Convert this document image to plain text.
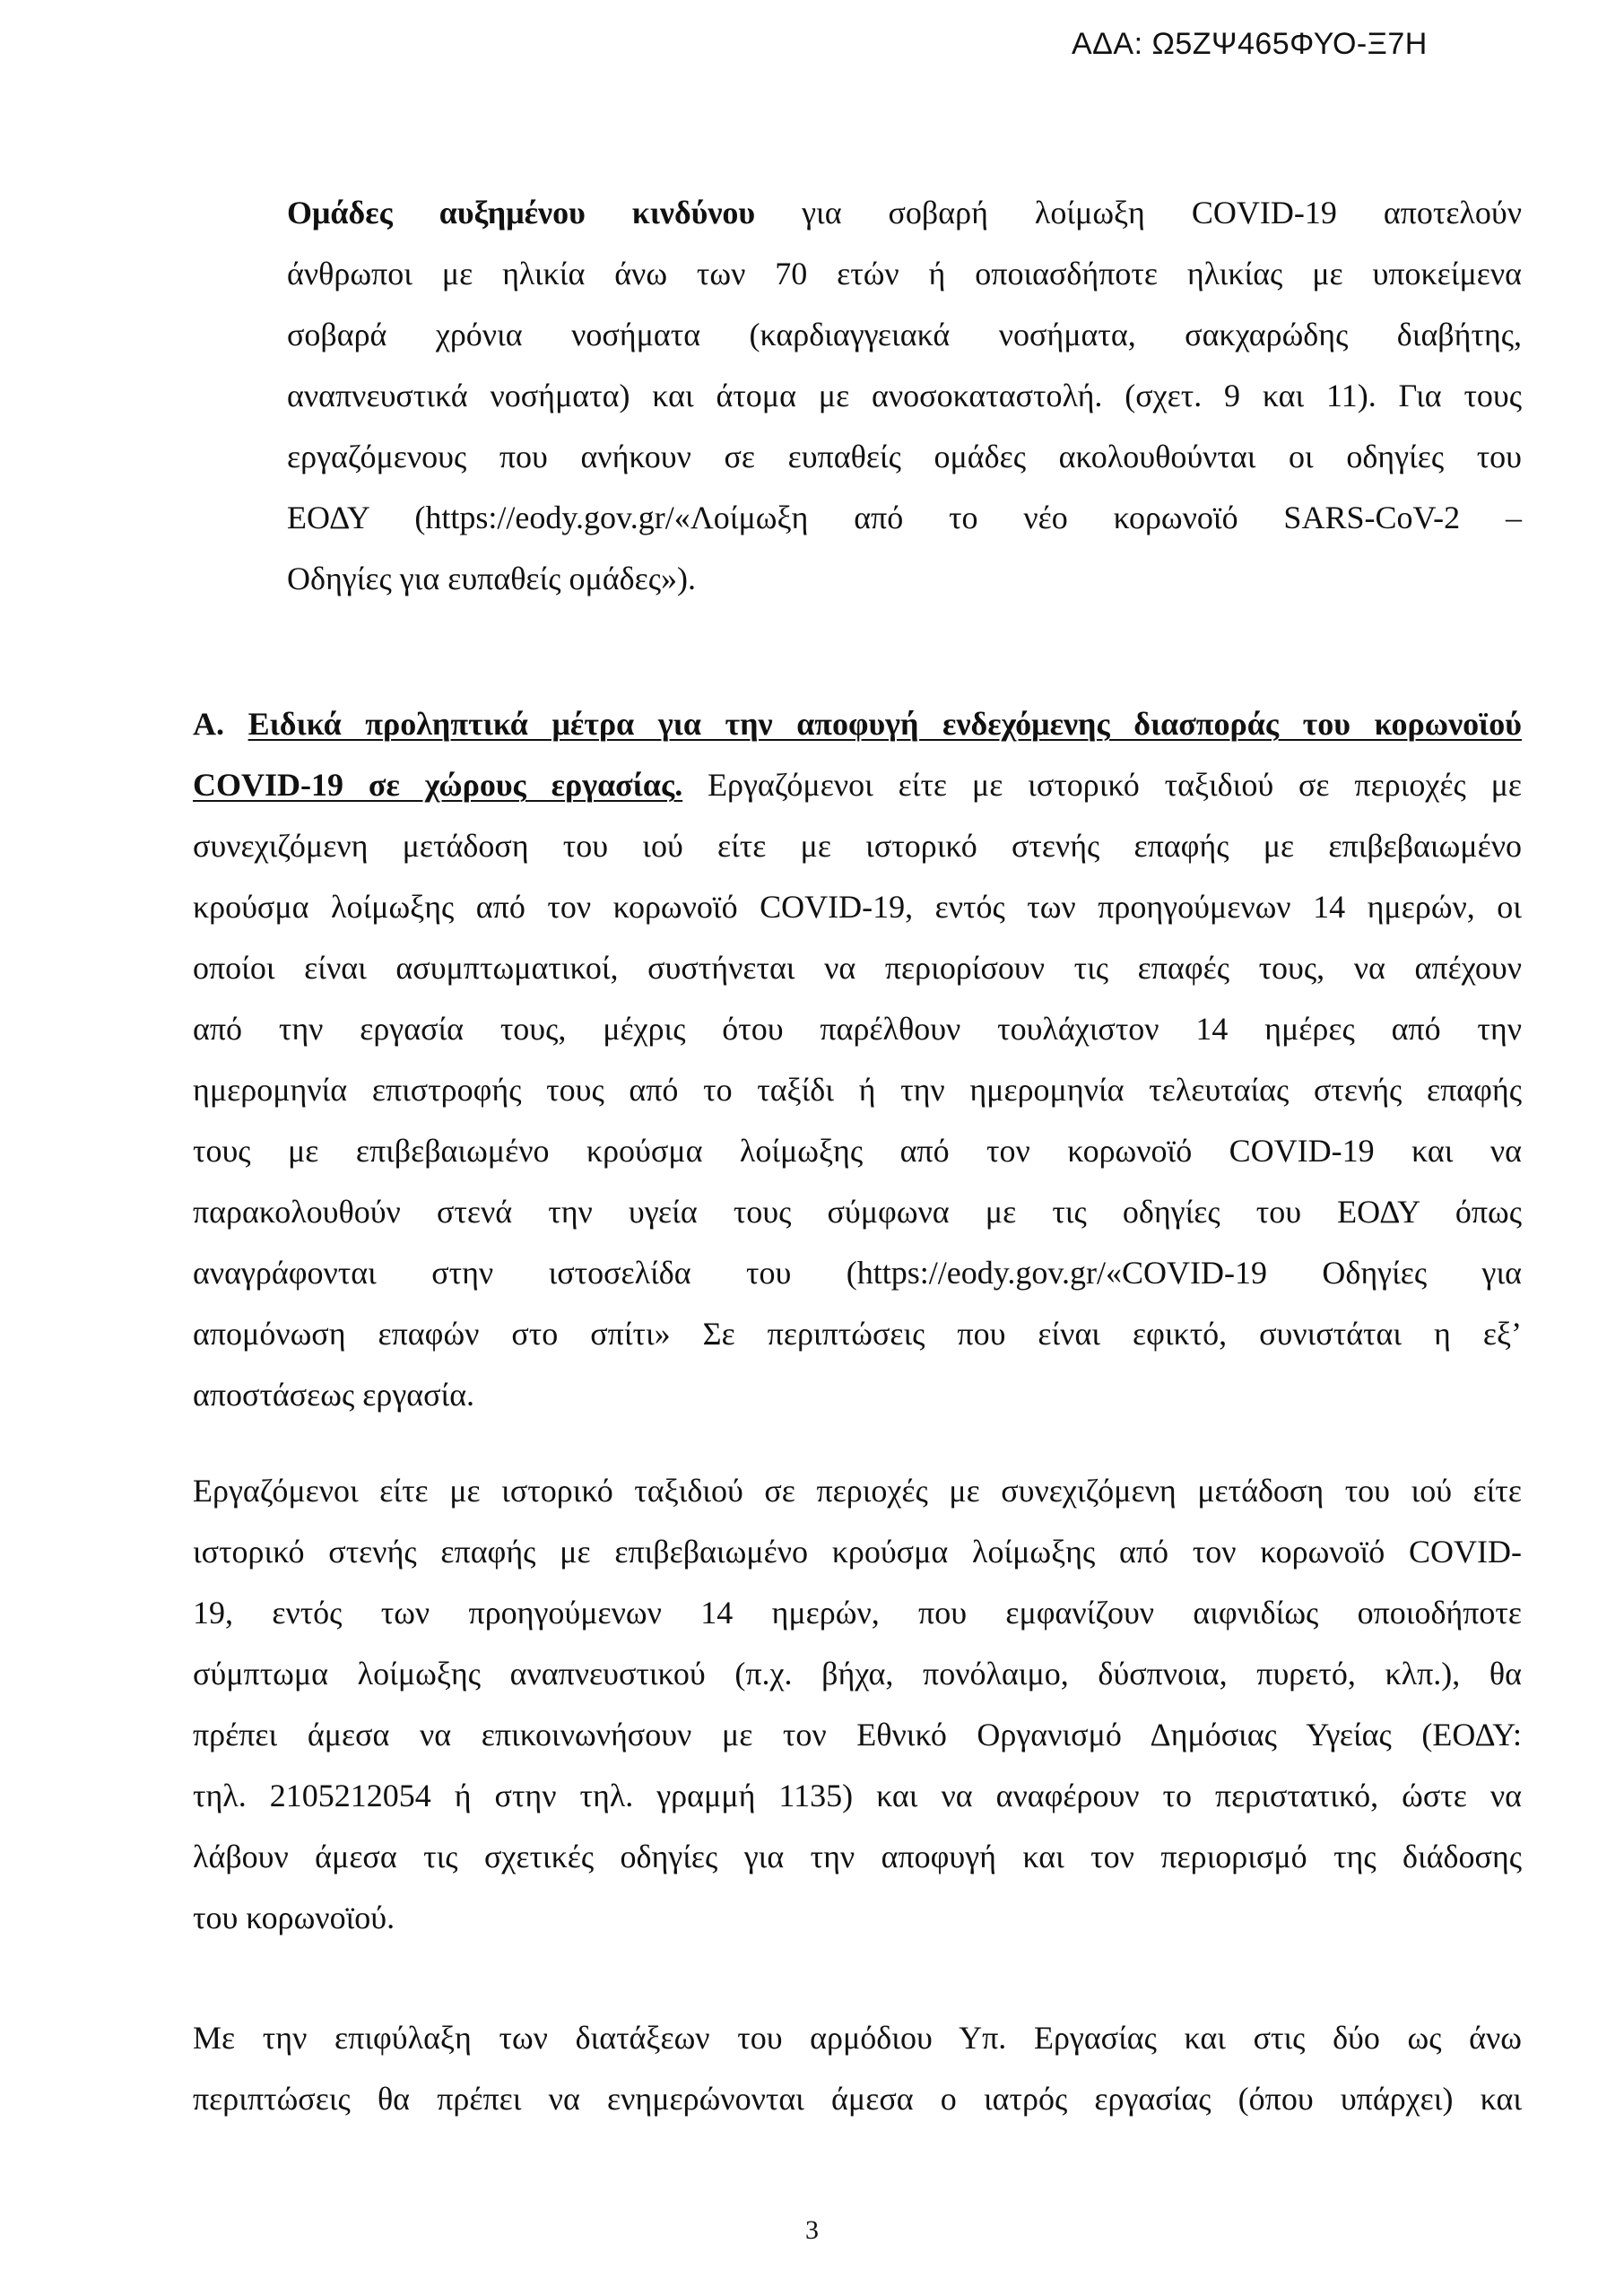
ΑΔΑ: Ω5ΖΨ465ΦΥΟ-Ξ7Η
Ομάδες αυξημένου κινδύνου για σοβαρή λοίμωξη COVID-19 αποτελούν
άνθρωποι με ηλικία άνω των 70 ετών ή οποιασδήποτε ηλικίας με υποκείμενα
σοβαρά χρόνια νοσήματα (καρδιαγγειακά νοσήματα, σακχαρώδης διαβήτης,
αναπνευστικά νοσήματα) και άτομα με ανοσοκαταστολή. (σχετ. 9 και 11). Για τους
εργαζόμενους που ανήκουν σε ευπαθείς ομάδες ακολουθούνται οι οδηγίες του
ΕΟΔΥ (https://eody.gov.gr/«Λοίμωξη από το νέο κορωνοϊό SARS-CoV-2 –
Οδηγίες για ευπαθείς ομάδες»).
Α. Ειδικά προληπτικά μέτρα για την αποφυγή ενδεχόμενης διασποράς του κορωνοϊού
COVID-19 σε χώρους εργασίας. Εργαζόμενοι είτε με ιστορικό ταξιδιού σε περιοχές με
συνεχιζόμενη μετάδοση του ιού είτε με ιστορικό στενής επαφής με επιβεβαιωμένο
κρούσμα λοίμωξης από τον κορωνοϊό COVID-19, εντός των προηγούμενων 14 ημερών, οι
οποίοι είναι ασυμπτωματικοί, συστήνεται να περιορίσουν τις επαφές τους, να απέχουν
από την εργασία τους, μέχρις ότου παρέλθουν τουλάχιστον 14 ημέρες από την
ημερομηνία επιστροφής τους από το ταξίδι ή την ημερομηνία τελευταίας στενής επαφής
τους με επιβεβαιωμένο κρούσμα λοίμωξης από τον κορωνοϊό COVID-19 και να
παρακολουθούν στενά την υγεία τους σύμφωνα με τις οδηγίες του ΕΟΔΥ όπως
αναγράφονται στην ιστοσελίδα του (https://eody.gov.gr/«COVID-19 Οδηγίες για
απομόνωση επαφών στο σπίτι» Σε περιπτώσεις που είναι εφικτό, συνιστάται η εξ’
αποστάσεως εργασία.
Εργαζόμενοι είτε με ιστορικό ταξιδιού σε περιοχές με συνεχιζόμενη μετάδοση του ιού είτε
ιστορικό στενής επαφής με επιβεβαιωμένο κρούσμα λοίμωξης από τον κορωνοϊό COVID-
19, εντός των προηγούμενων 14 ημερών, που εμφανίζουν αιφνιδίως οποιοδήποτε
σύμπτωμα λοίμωξης αναπνευστικού (π.χ. βήχα, πονόλαιμο, δύσπνοια, πυρετό, κλπ.), θα
πρέπει άμεσα να επικοινωνήσουν με τον Εθνικό Οργανισμό Δημόσιας Υγείας (ΕΟΔΥ:
τηλ. 2105212054 ή στην τηλ. γραμμή 1135) και να αναφέρουν το περιστατικό, ώστε να
λάβουν άμεσα τις σχετικές οδηγίες για την αποφυγή και τον περιορισμό της διάδοσης
του κορωνοϊού.
Με την επιφύλαξη των διατάξεων του αρμόδιου Υπ. Εργασίας και στις δύο ως άνω
περιπτώσεις θα πρέπει να ενημερώνονται άμεσα ο ιατρός εργασίας (όπου υπάρχει) και
3
